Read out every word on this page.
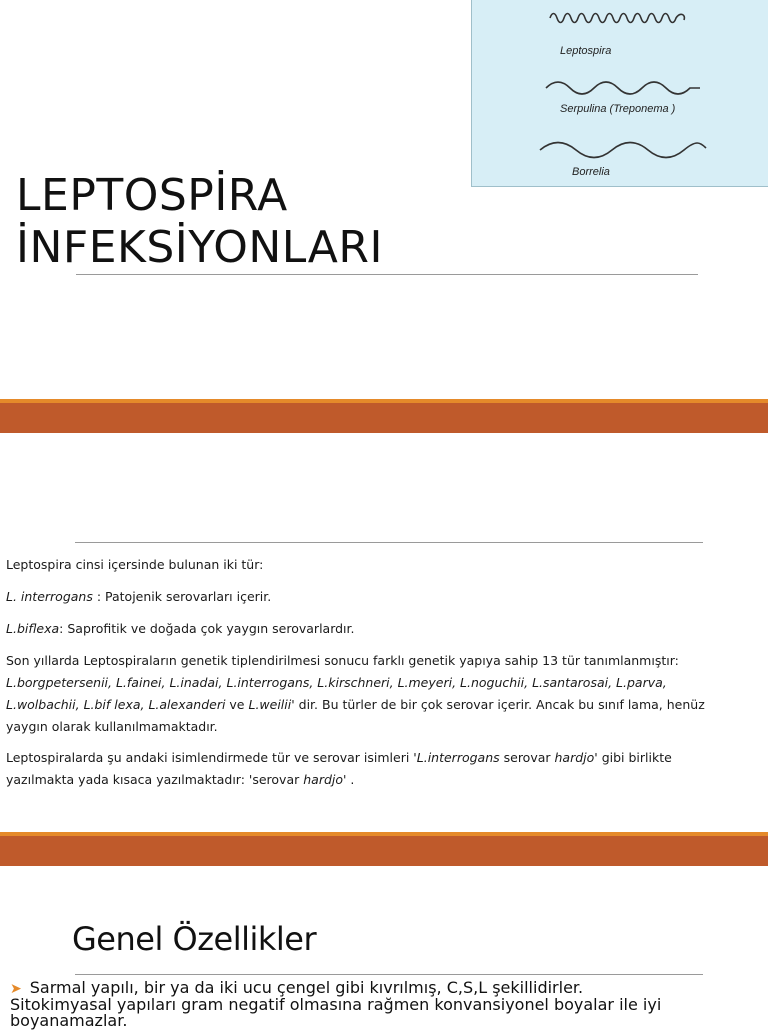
Leptospira
Serpulina (Treponema )
Borrelia
LEPTOSPİRA
İNFEKSİYONLARI

Leptospira cinsi içersinde bulunan iki tür:

L. interrogans : Patojenik serovarları içerir.

L.biflexa: Saprofitik ve doğada çok yaygın serovarlardır.

Son yıllarda Leptospiraların genetik tiplendirilmesi sonucu farklı genetik yapıya sahip 13 tür tanımlanmıştır: L.borgpetersenii, L.fainei, L.inadai, L.interrogans, L.kirschneri, L.meyeri, L.noguchii, L.santarosai, L.parva, L.wolbachii, L.bif lexa, L.alexanderi ve L.weilii' dir. Bu türler de bir çok serovar içerir. Ancak bu sınıf lama, henüz yaygın olarak kullanılmamaktadır.

Leptospiralarda şu andaki isimlendirmede tür ve serovar isimleri 'L.interrogans serovar hardjo' gibi birlikte yazılmakta yada kısaca yazılmaktadır: 'serovar hardjo' .

Genel Özellikler
➤ Sarmal yapılı, bir ya da iki ucu çengel gibi kıvrılmış, C,S,L şekillidirler.
Sitokimyasal yapıları gram negatif olmasına rağmen konvansiyonel boyalar ile iyi boyanamazlar.
